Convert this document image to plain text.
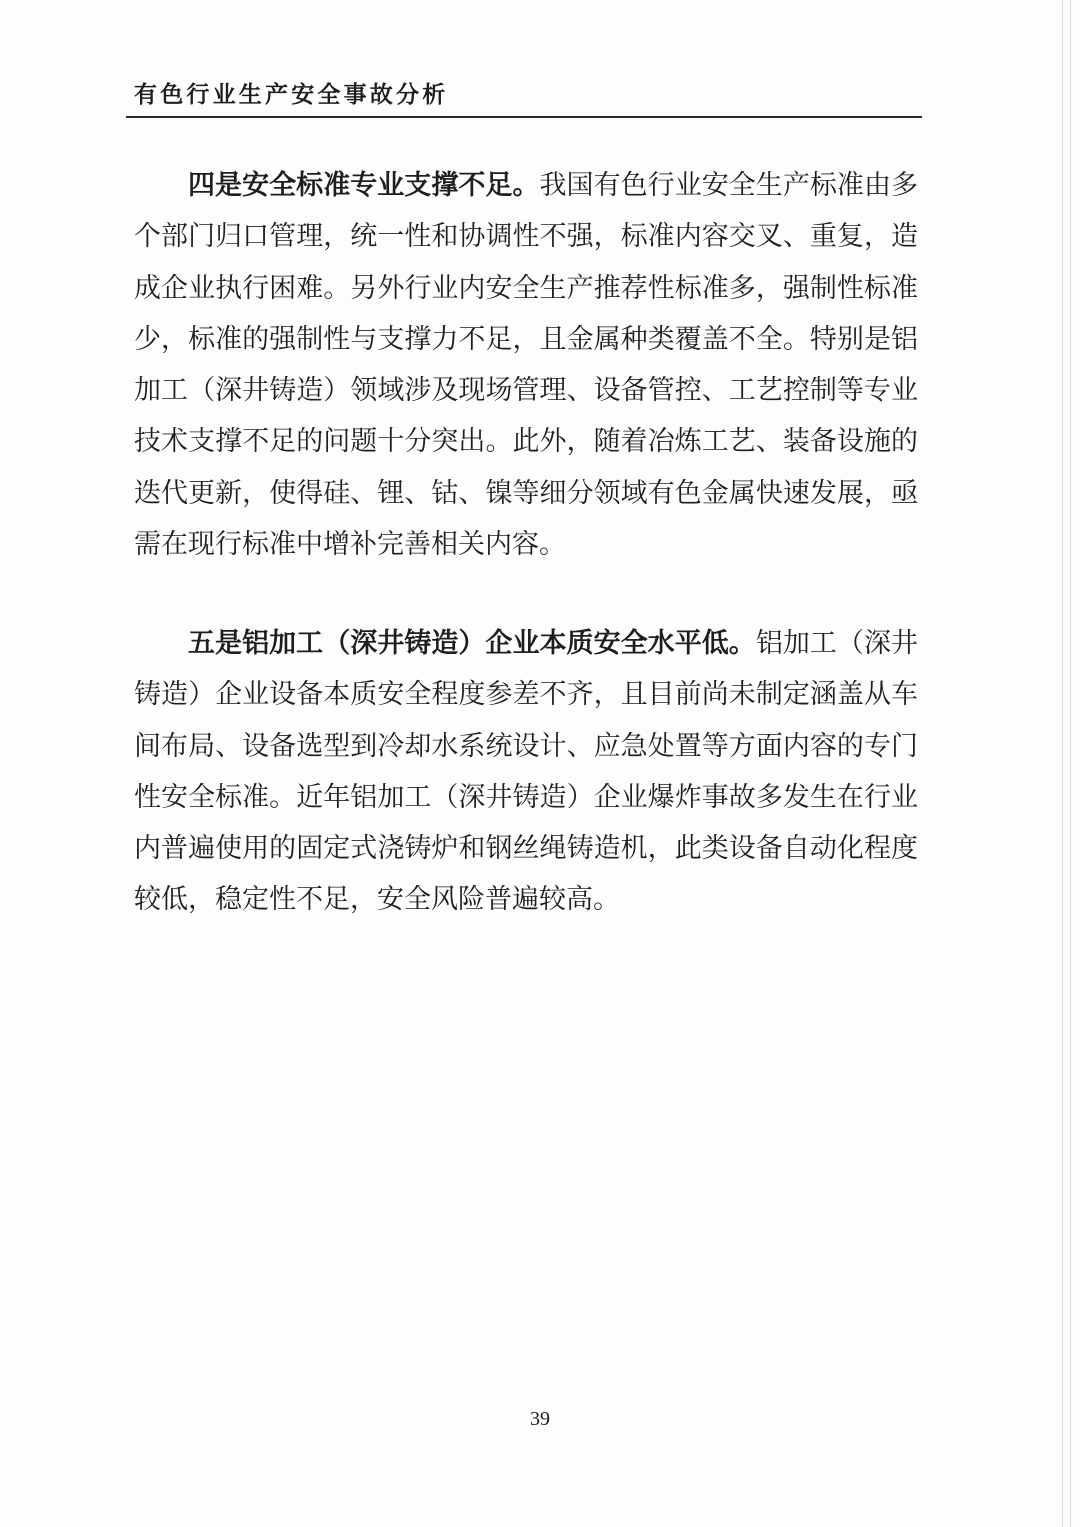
有色行业生产安全事故分析

四是安全标准专业支撑不足。我国有色行业安全生产标准由多个部门归口管理，统一性和协调性不强，标准内容交叉、重复，造成企业执行困难。另外行业内安全生产推荐性标准多，强制性标准少，标准的强制性与支撑力不足，且金属种类覆盖不全。特别是铝加工（深井铸造）领域涉及现场管理、设备管控、工艺控制等专业技术支撑不足的问题十分突出。此外，随着冶炼工艺、装备设施的迭代更新，使得硅、锂、钴、镍等细分领域有色金属快速发展，亟需在现行标准中增补完善相关内容。

五是铝加工（深井铸造）企业本质安全水平低。铝加工（深井铸造）企业设备本质安全程度参差不齐，且目前尚未制定涵盖从车间布局、设备选型到冷却水系统设计、应急处置等方面内容的专门性安全标准。近年铝加工（深井铸造）企业爆炸事故多发生在行业内普遍使用的固定式浇铸炉和钢丝绳铸造机，此类设备自动化程度较低，稳定性不足，安全风险普遍较高。

39
